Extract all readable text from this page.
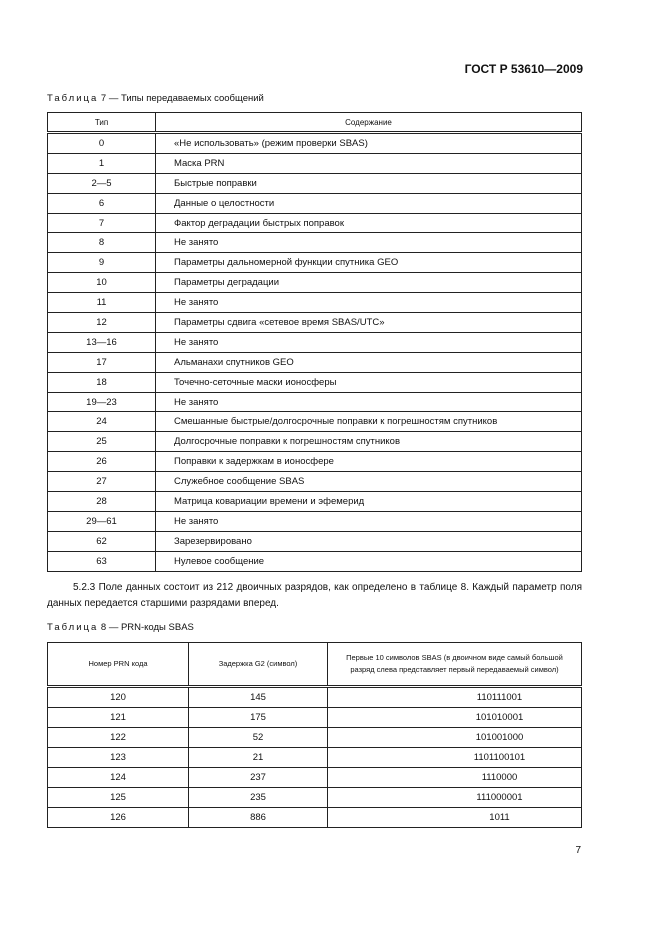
ГОСТ Р 53610—2009
Таблица 7 — Типы передаваемых сообщений
Тип	Содержание
0	«Не использовать» (режим проверки SBAS)
1	Маска PRN
2—5	Быстрые поправки
6	Данные о целостности
7	Фактор деградации быстрых поправок
8	Не занято
9	Параметры дальномерной функции спутника GEO
10	Параметры деградации
11	Не занято
12	Параметры сдвига «сетевое время SBAS/UTC»
13—16	Не занято
17	Альманахи спутников GEO
18	Точечно-сеточные маски ионосферы
19—23	Не занято
24	Смешанные быстрые/долгосрочные поправки к погрешностям спутников
25	Долгосрочные поправки к погрешностям спутников
26	Поправки к задержкам в ионосфере
27	Служебное сообщение SBAS
28	Матрица ковариации времени и эфемерид
29—61	Не занято
62	Зарезервировано
63	Нулевое сообщение
5.2.3 Поле данных состоит из 212 двоичных разрядов, как определено в таблице 8. Каждый параметр поля данных передается старшими разрядами вперед.
Таблица 8 — PRN-коды SBAS
Номер PRN кода	Задержка G2 (символ)	Первые 10 символов SBAS (в двоичном виде самый большой разряд слева представляет первый передаваемый символ)
120	145	110111001
121	175	101010001
122	52	101001000
123	21	1101100101
124	237	1110000
125	235	111000001
126	886	1011
7
